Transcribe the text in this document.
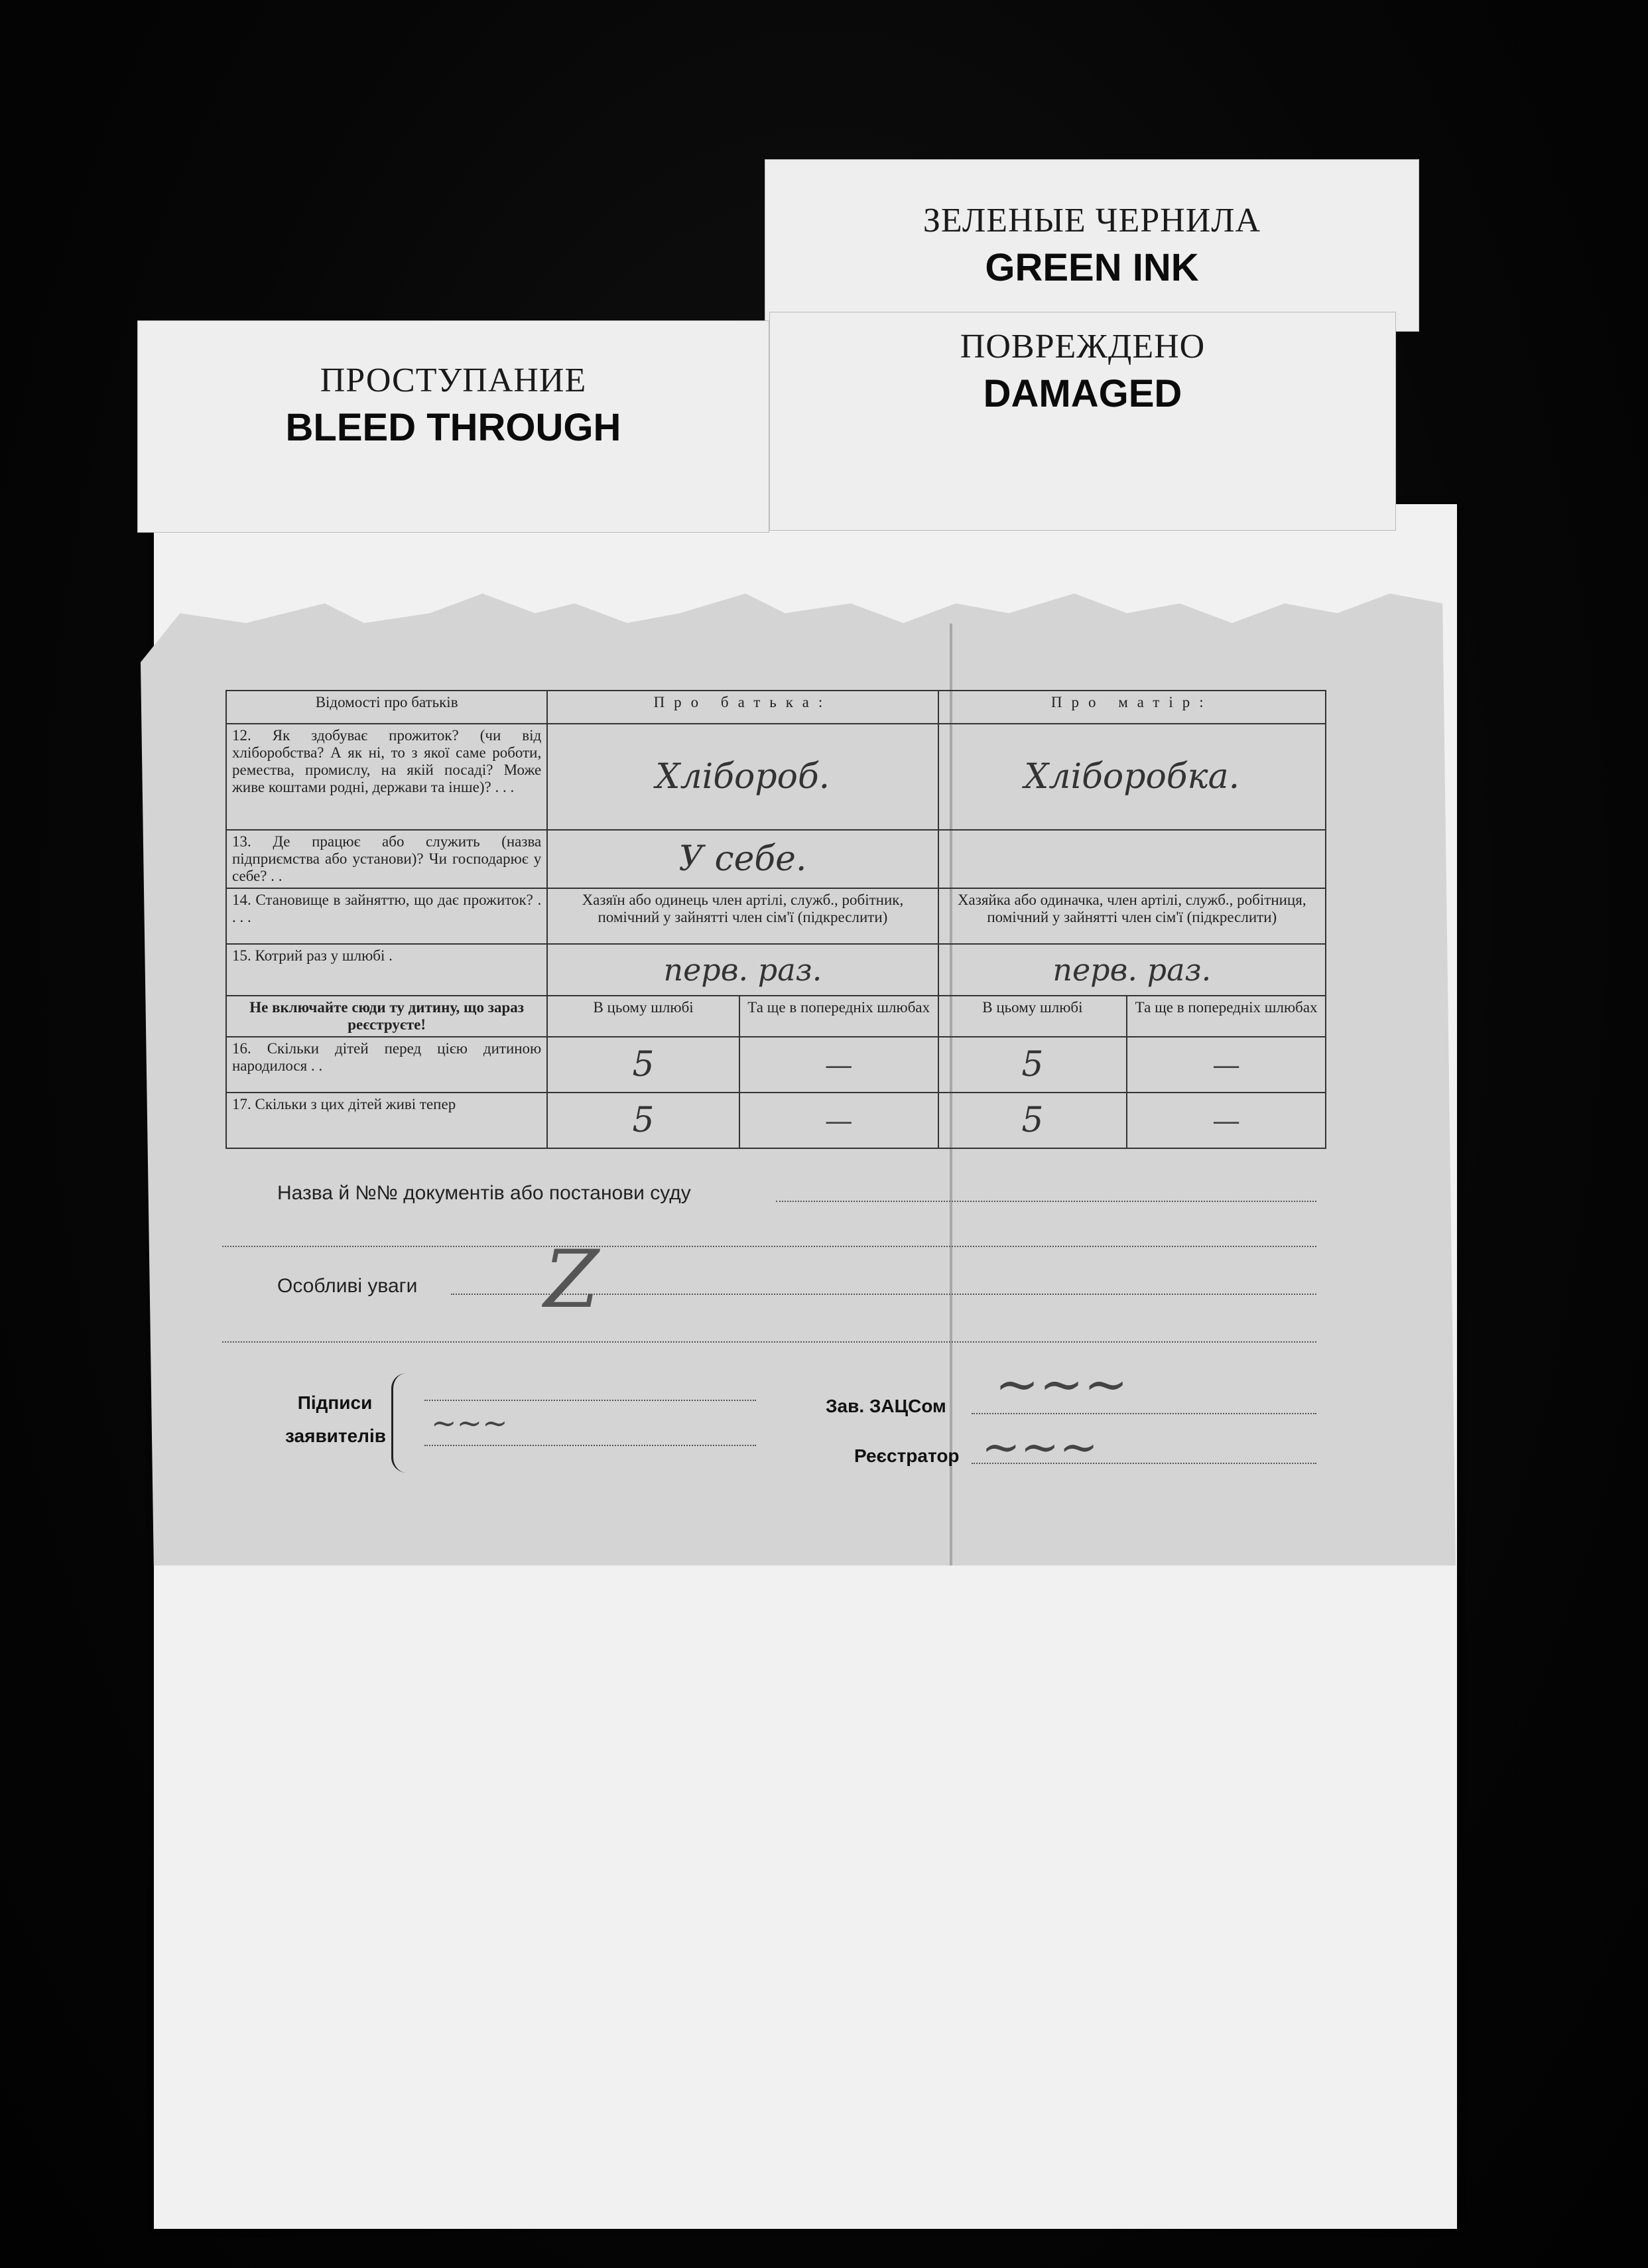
ЗЕЛЕНЫЕ ЧЕРНИЛА
GREEN INK
ПОВРЕЖДЕНО
DAMAGED
ПРОСТУПАНИЕ
BLEED THROUGH
Відомості про батьків	Про батька:		Про матір:	
12. Як здобуває прожиток? (чи від хліборобства? А як ні, то з якої саме роботи, ремества, промислу, на якій посаді? Може живе коштами родні, держави та інше)? . . .	Хлібороб.		Хліборобка.	
13. Де працює або служить (назва підприємства або установи)? Чи господарює у себе? . .	У себе.			
14. Становище в зайняттю, що дає прожиток? . . . .	Хазяїн або одинець член артілі, служб., робітник, помічний у зайнятті член сім'ї (підкреслити)		Хазяйка або одиначка, член артілі, служб., робітниця, помічний у зайнятті член сім'ї (підкреслити)	
15. Котрий раз у шлюбі .	перв. раз.		перв. раз.	
Не включайте сюди ту дитину, що зараз реєструєте!	В цьому шлюбі	Та ще в попередніх шлюбах	В цьому шлюбі	Та ще в попередніх шлюбах
16. Скільки дітей перед цією дитиною народилося . .	5	—	5	—
17. Скільки з цих дітей живі тепер	5	—	5	—
Назва й №№ документів або постанови суду
Особливі уваги Z
Підписи
заявителів ~~~	Зав. ЗАЦСом
Реєстратор
~~~
~~~
